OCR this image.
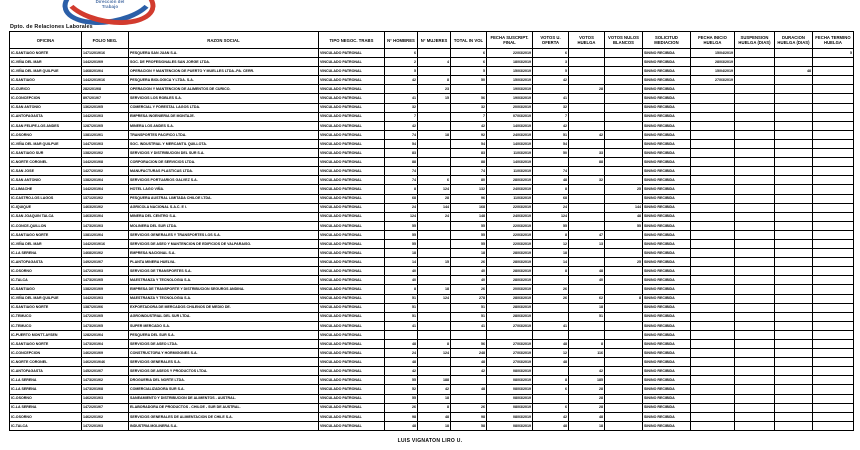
Dirección del
Trabajo
Dpto. de Relaciones Laborales
OFICINA	FOLIO NEG.	RAZON SOCIAL	TIPO NEGOC. TRABS	N° HOMBRES	N° MUJERES	TOTAL IN VOL	FECHA SUSCRIPT. FINAL	VOTOS U. OFERTA	VOTOS HUELGA	VOTOS NULOS BLANCOS	SOLICITUD MEDIACION	FECHA INICIO HUELGA	SUSPENSION HUELGA (DIAS)	DURACION HUELGA (DIAS)	FECHA TERMINO HUELGA
IC-SANTIAGO NORTE	1471/2019/16	PESQUERA SAN JUAN S.A.	VINCULADO PATRONAL	6		6	22/03/2019	6			SIN/NO RECIBIDA	15/04/2019			5
IC-VIÑA DEL MAR	1442/2019/9	SOC. DE PROFESIONALES SAN JORGE LTDA.	VINCULADO PATRONAL	2	4	6	18/03/2019	3			SIN/NO RECIBIDA	28/03/2019			
IC-VIÑA DEL MAR QUILPUE	1468/2019/4	OPERACION Y MANTENCION DE PUERTO Y MUELLES LTDA.-PA. CERR.	VINCULADO PATRONAL	5		5	15/03/2019	5			SIN/NO RECIBIDA	15/04/2019		48	
IC-SANTIAGO	1442/2019/16	PESQUERA BIOLOGICA Y LTDA. S.A.	VINCULADO PATRONAL	42	8	50	15/03/2019	42			SIN/NO RECIBIDA	27/03/2019			
IC-CURICO	282/2019/8	OPERACION Y MANTENCION DE ALIMENTOS DE CURICO.	VINCULADO PATRONAL		23		19/03/2019		28		SIN/NO RECIBIDA				
IC-CONCEPCION	897/2019/7	SERVICIOS LOS ROBLES S.A.	VINCULADO PATRONAL	41	15	56	19/03/2019	41			SIN/NO RECIBIDA				
IC-SAN ANTONIO	1362/2019/5	COMERCIAL Y FORESTAL LAGOS LTDA.	VINCULADO PATRONAL	32		32	20/03/2019	32			SIN/NO RECIBIDA				
IC-ANTOFAGASTA	1442/2019/3	EMPRESA INGENIERIA DE MONTAJE.	VINCULADO PATRONAL	7		7	07/03/2019	7			SIN/NO RECIBIDA				
IC-SAN FELIPE-LOS ANDES	1287/2019/5	MINERA LOS ANDES S.A.	VINCULADO PATRONAL	42		42	14/03/2019	42			SIN/NO RECIBIDA				
IC-OSORNO	1381/2019/1	TRANSPORTES PACIFICO LTDA.	VINCULADO PATRONAL	74	18	92	24/03/2019	51	42		SIN/NO RECIBIDA				
IC-VIÑA DEL MAR QUILPUE	1447/2019/3	SOC. INDUSTRIAL Y MERCANTIL QUILLOTA.	VINCULADO PATRONAL	54		54	14/03/2019	54			SIN/NO RECIBIDA				
IC-SANTIAGO SUR	1382/2019/2	SERVICIOS Y DISTRIBUCION DEL SUR S.A.	VINCULADO PATRONAL	83		83	11/03/2019	50	33		SIN/NO RECIBIDA				
IC-NORTE CORONEL	1442/2019/8	CORPORACION DE SERVICIOS LTDA.	VINCULADO PATRONAL	88		88	14/03/2019		88		SIN/NO RECIBIDA				
IC-SAN JOSE	1427/2019/2	MANUFACTURAS PLASTICAS LTDA.	VINCULADO PATRONAL	74		74	11/03/2019	74			SIN/NO RECIBIDA				
IC-SAN ANTONIO	1382/2019/4	SERVICIOS PORTUARIOS GALVEZ S.A.	VINCULADO PATRONAL	74	6	80	28/03/2019	48	32		SIN/NO RECIBIDA				
IC-LIMACHE	1442/2019/4	HOTEL LAGO VIÑA.	VINCULADO PATRONAL	8	124	132	24/03/2019	8		25	SIN/NO RECIBIDA				
IC-CASTRO-LOS LAGOS	1371/2019/2	PESQUERA AUSTRAL LIMITADA CHILOE LTDA.	VINCULADO PATRONAL	68	28	96	11/03/2019	68			SIN/NO RECIBIDA				
IC-IQUIQUE	1463/2019/2	AGRICOLA NACIONAL S.A.C. E I.	VINCULADO PATRONAL	24	144	168	22/03/2019	24		144	SIN/NO RECIBIDA				
IC-SAN JOAQUIN TALCA	1463/2019/4	MINERA DEL CENTRO S.A.	VINCULADO PATRONAL	124	24	148	24/03/2019	124		48	SIN/NO RECIBIDA				
IC-CONCE-QUILLON	1473/2019/3	MOLINERA DEL SUR LTDA.	VINCULADO PATRONAL	55		55	22/03/2019	55		55	SIN/NO RECIBIDA				
IC-SANTIAGO NORTE	1381/2019/4	SERVICIOS GENERALES Y TRANSPORTES LOS S.A.	VINCULADO PATRONAL	55		55	22/03/2019	8	47		SIN/NO RECIBIDA				
IC-VIÑA DEL MAR	1442/2019/16	SERVICIOS DE ASEO Y MANTENCION DE EDIFICIOS DE VALPARAISO.	VINCULADO PATRONAL	55		55	22/03/2019	12	13		SIN/NO RECIBIDA				
IC-LA SERENA	1468/2019/2	EMPRESA NACIONAL S.A.	VINCULADO PATRONAL	18		18	28/03/2019	18			SIN/NO RECIBIDA				
IC-ANTOFAGASTA	1492/2019/7	PLANTA MINERA HUELVA.	VINCULADO PATRONAL	14	15	26	28/03/2019	14		25	SIN/NO RECIBIDA				
IC-OSORNO	1472/2019/3	SERVICIOS DE TRANSPORTES S.A.	VINCULADO PATRONAL	40		40	28/03/2019	8	48		SIN/NO RECIBIDA				
IC-TALCA	1473/2019/5	MAESTRANZA Y TECNOLOGIA S.A.	VINCULADO PATRONAL	40		40	28/03/2019		40		SIN/NO RECIBIDA				
IC-SANTIAGO	1382/2019/9	EMPRESA DE TRANSPORTE Y DISTRIBUCION SEGUROS ANDINA.	VINCULADO PATRONAL	8	18	26	20/03/2019	26			SIN/NO RECIBIDA				
IC-VIÑA DEL MAR QUILPUE	1442/2019/3	MAESTRANZA Y TECNOLOGIA S.A.	VINCULADO PATRONAL	51	124	278	28/03/2019	26	62	8	SIN/NO RECIBIDA				
IC-SANTIAGO NORTE	1387/2019/6	EXPORTADORA DE MERCADOS CHILENOS DE MEDIO DE.	VINCULADO PATRONAL	51		51	28/03/2019		18		SIN/NO RECIBIDA				
IC-TEMUCO	1472/2019/5	AGROINDUSTRIAL DEL SUR LTDA.	VINCULADO PATRONAL	51		51	28/03/2019		51		SIN/NO RECIBIDA				
IC-TEMUCO	1473/2019/5	SUPER MERCADO S.A.	VINCULADO PATRONAL	41		41	27/03/2019	41			SIN/NO RECIBIDA				
IC-PUERTO MONTT-AYSEN	1282/2019/4	PESQUERA DEL SUR S.A.	VINCULADO PATRONAL								SIN/NO RECIBIDA				
IC-SANTIAGO NORTE	1473/2019/4	SERVICIOS DE ASEO LTDA.	VINCULADO PATRONAL	48	8	56	27/03/2019	48	8		SIN/NO RECIBIDA				
IC-CONCEPCION	1462/2019/9	CONSTRUCTORA Y HORMIGONES S.A.	VINCULADO PATRONAL	24	124	248	27/03/2019	12	116		SIN/NO RECIBIDA				
IC-NORTE CORONEL	1462/2019/46	SERVICIOS GENERALES S.A.	VINCULADO PATRONAL	48		48	27/03/2019	48			SIN/NO RECIBIDA				
IC-ANTOFAGASTA	1452/2019/7	SERVICIOS DE ASEOS Y PRODUCTOS LTDA.	VINCULADO PATRONAL	42		42	08/03/2019		42		SIN/NO RECIBIDA				
IC-LA SERENA	1473/2019/2	DROGUERIA DEL NORTE LTDA.	VINCULADO PATRONAL	55	188		08/03/2019	8	185		SIN/NO RECIBIDA				
IC-LA SERENA	1473/2019/8	COMERCIALIZADORA SUR S.A.	VINCULADO PATRONAL	52	42	48	08/03/2019	6	28		SIN/NO RECIBIDA				
IC-OSORNO	1462/2019/3	SANEAMIENTO Y DISTRIBUCION DE ALIMENTOS - AUSTRAL.	VINCULADO PATRONAL	55	18		08/03/2019		28		SIN/NO RECIBIDA				
IC-LA SERENA	1472/2019/7	ELABORADORA DE PRODUCTOS - CHILOE - SUR DE AUSTRAL.	VINCULADO PATRONAL	26	8	26	08/03/2019	6	28		SIN/NO RECIBIDA				
IC-OSORNO	1462/2019/2	SERVICIOS GENERALES DE ALIMENTACION DE CHILE S.A.	VINCULADO PATRONAL	98	48	98	08/03/2019	42	48		SIN/NO RECIBIDA				
IC-TALCA	1472/2019/3	INDUSTRIA MOLINERA S.A.	VINCULADO PATRONAL	48	18	58	08/03/2019	48	18		SIN/NO RECIBIDA				
LUIS VIGNATON LIRO U.
